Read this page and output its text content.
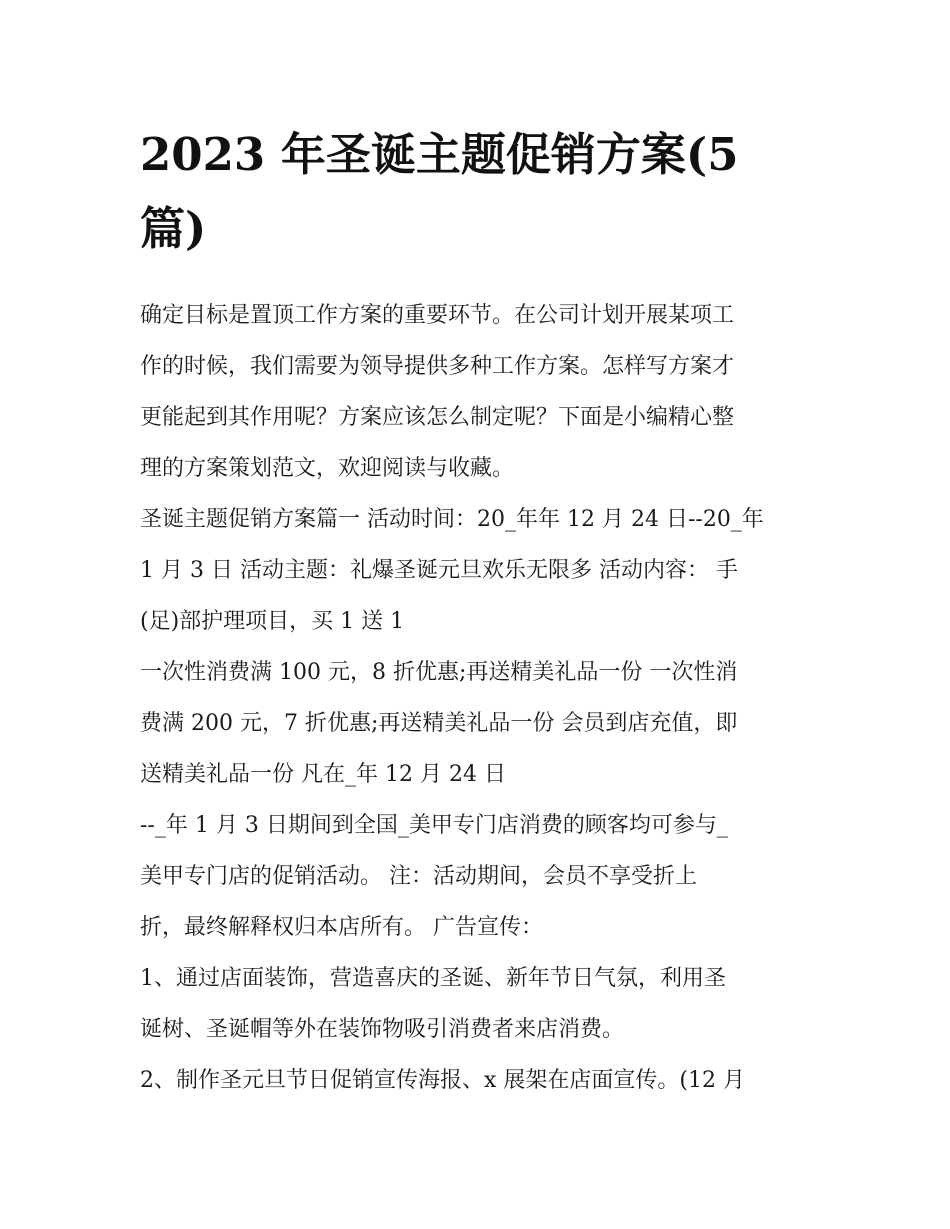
2023 年圣诞主题促销方案(5
篇)
确定目标是置顶工作方案的重要环节。在公司计划开展某项工
作的时候，我们需要为领导提供多种工作方案。怎样写方案才
更能起到其作用呢？方案应该怎么制定呢？下面是小编精心整
理的方案策划范文，欢迎阅读与收藏。
圣诞主题促销方案篇一 活动时间：20_年年 12 月 24 日--20_年
1 月 3 日 活动主题：礼爆圣诞元旦欢乐无限多 活动内容： 手
(足)部护理项目，买 1 送 1
一次性消费满 100 元，8 折优惠;再送精美礼品一份 一次性消
费满 200 元，7 折优惠;再送精美礼品一份 会员到店充值，即
送精美礼品一份 凡在_年 12 月 24 日
--_年 1 月 3 日期间到全国_美甲专门店消费的顾客均可参与_
美甲专门店的促销活动。 注：活动期间，会员不享受折上
折，最终解释权归本店所有。 广告宣传：
1、通过店面装饰，营造喜庆的圣诞、新年节日气氛，利用圣
诞树、圣诞帽等外在装饰物吸引消费者来店消费。
2、制作圣元旦节日促销宣传海报、x 展架在店面宣传。(12 月
